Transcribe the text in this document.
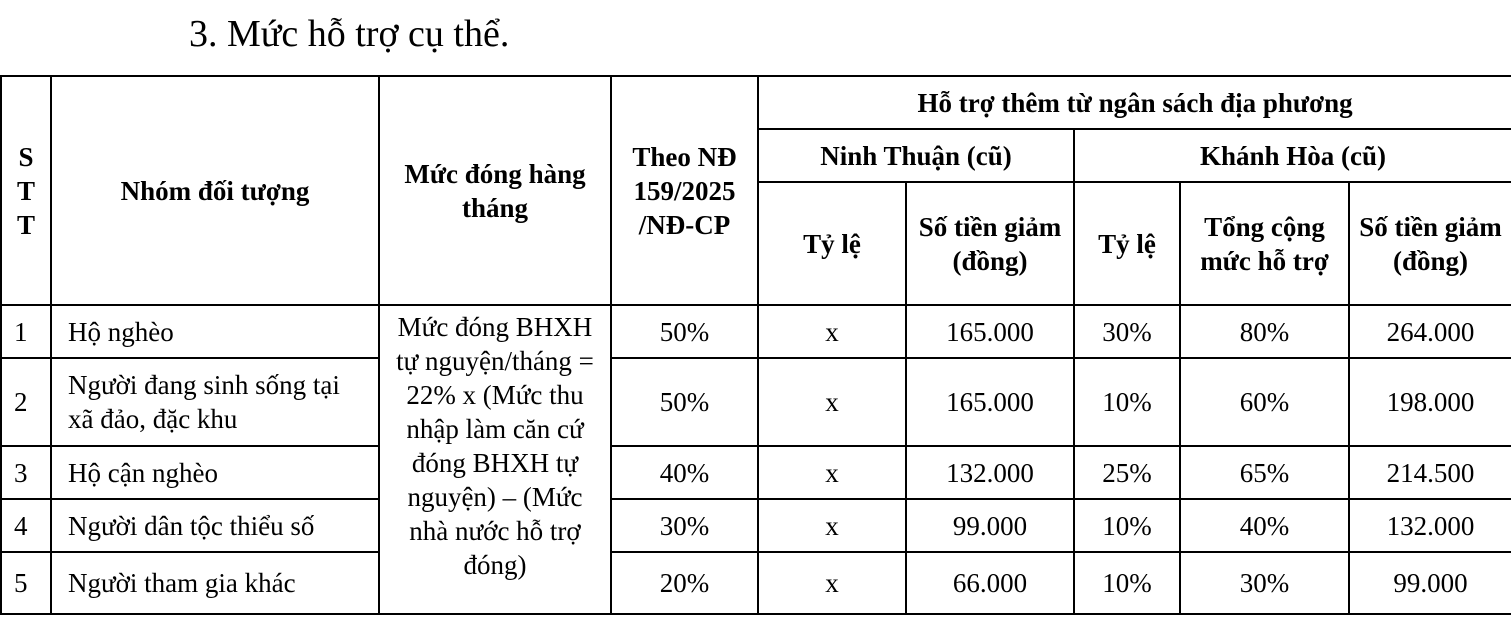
3. Mức hỗ trợ cụ thể.
S
T
T	Nhóm đối tượng	Mức đóng hàng tháng	Theo NĐ 159/2025 /NĐ-CP	Hỗ trợ thêm từ ngân sách địa phương				
				Ninh Thuận (cũ)		Khánh Hòa (cũ)		
				Tỷ lệ	Số tiền giảm (đồng)	Tỷ lệ	Tổng cộng mức hỗ trợ	Số tiền giảm (đồng)
1	Hộ nghèo	Mức đóng BHXH tự nguyện/tháng = 22% x (Mức thu nhập làm căn cứ đóng BHXH tự nguyện) – (Mức nhà nước hỗ trợ đóng)	50%	x	165.000	30%	80%	264.000
2	Người đang sinh sống tại xã đảo, đặc khu		50%	x	165.000	10%	60%	198.000
3	Hộ cận nghèo		40%	x	132.000	25%	65%	214.500
4	Người dân tộc thiểu số		30%	x	99.000	10%	40%	132.000
5	Người tham gia khác		20%	x	66.000	10%	30%	99.000
